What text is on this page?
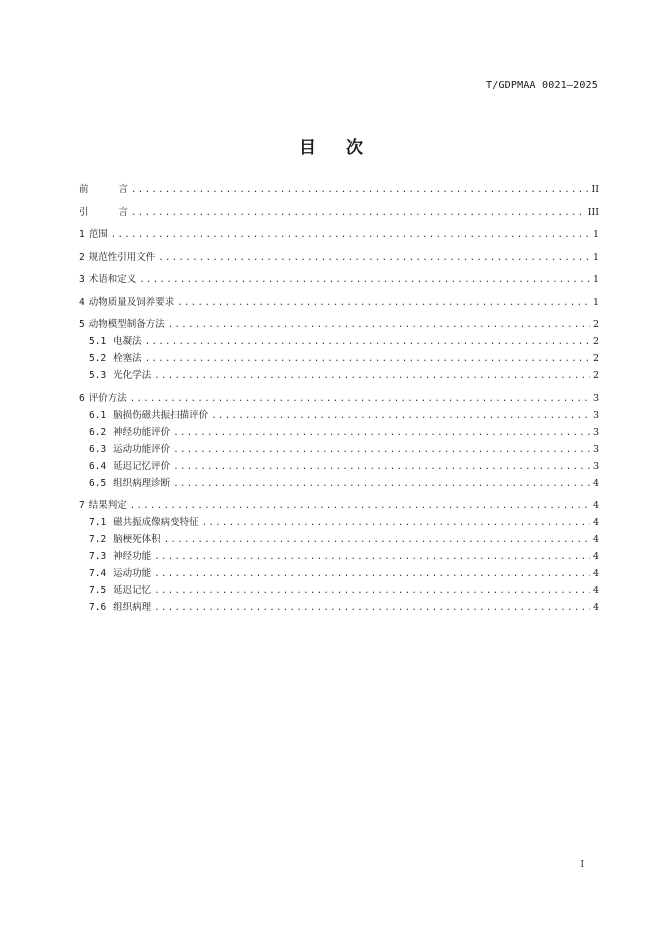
T/GDPMAA 0021—2025
目 次
前	言 .....	II
引	言 .....	III
1 范围 .....	1
2 规范性引用文件 .....	1
3 术语和定义 .....	1
4 动物质量及饲养要求 .....	1
5 动物模型制备方法 .....	2
5.1 电凝法 .....	2
5.2 栓塞法 .....	2
5.3 光化学法 .....	2
6 评价方法 .....	3
6.1 脑损伤磁共振扫描评价 .....	3
6.2 神经功能评价 .....	3
6.3 运动功能评价 .....	3
6.4 延迟记忆评价 .....	3
6.5 组织病理诊断 .....	4
7 结果判定 .....	4
7.1 磁共振成像病变特征 .....	4
7.2 脑梗死体积 .....	4
7.3 神经功能 .....	4
7.4 运动功能 .....	4
7.5 延迟记忆 .....	4
7.6 组织病理 .....	4
I
